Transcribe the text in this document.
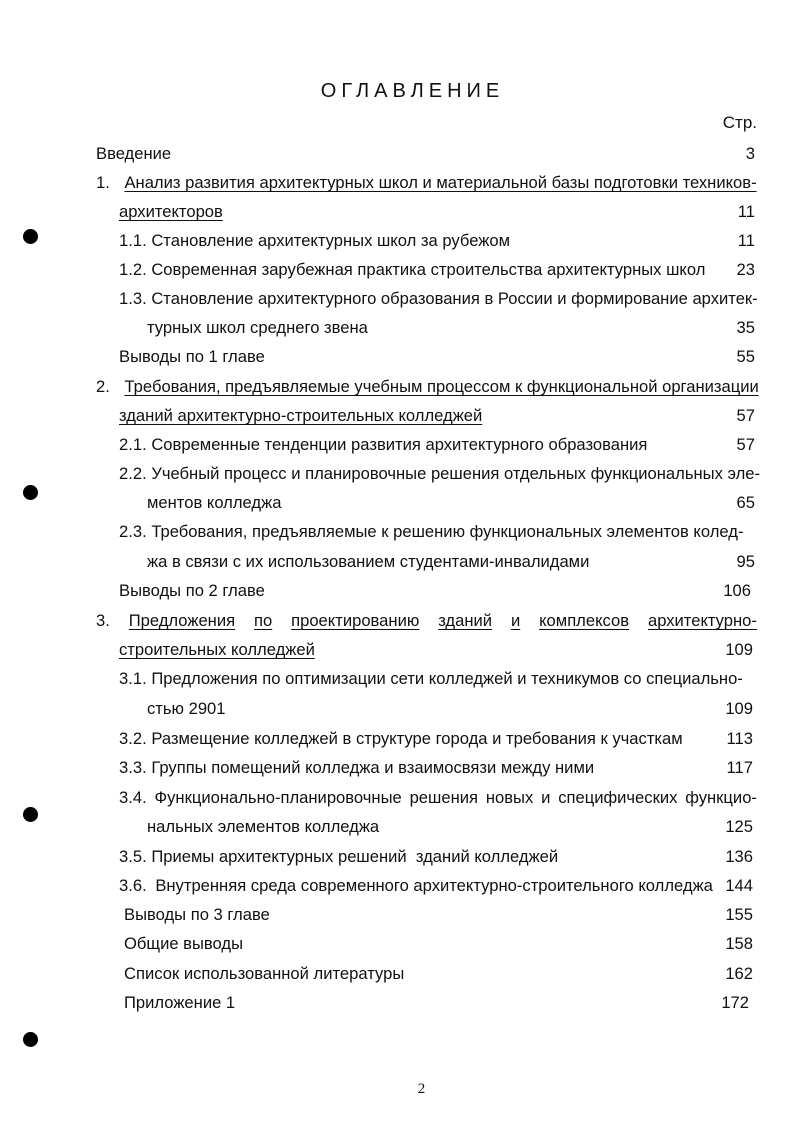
ОГЛАВЛЕНИЕ
Стр.
Введение	3
1. Анализ развития архитектурных школ и материальной базы подготовки техников-
архитекторов	11
1.1. Становление архитектурных школ за рубежом	11
1.2. Современная зарубежная практика строительства архитектурных школ 23
1.3. Становление архитектурного образования в России и формирование архитек-
турных школ среднего звена	35
Выводы по 1 главе	55
2. Требования, предъявляемые учебным процессом к функциональной организации
зданий архитектурно-строительных колледжей	57
2.1. Современные тенденции развития архитектурного образования	57
2.2. Учебный процесс и планировочные решения отдельных функциональных эле-
ментов колледжа	65
2.3. Требования, предъявляемые к решению функциональных элементов колед-
жа в связи с их использованием студентами-инвалидами	95
Выводы по 2 главе	106
3. Предложения по проектированию зданий и комплексов архитектурно-
строительных колледжей	109
3.1. Предложения по оптимизации сети колледжей и техникумов со специально-
стью 2901	109
3.2. Размещение колледжей в структуре города и требования к участкам	113
3.3. Группы помещений колледжа и взаимосвязи между ними	117
3.4. Функционально-планировочные решения новых и специфических функцио-
нальных элементов колледжа	125
3.5. Приемы архитектурных решений  зданий колледжей	136
3.6. Внутренняя среда современного архитектурно-строительного колледжа 144
Выводы по 3 главе	155
Общие выводы	158
Список использованной литературы	162
Приложение 1	172
2
